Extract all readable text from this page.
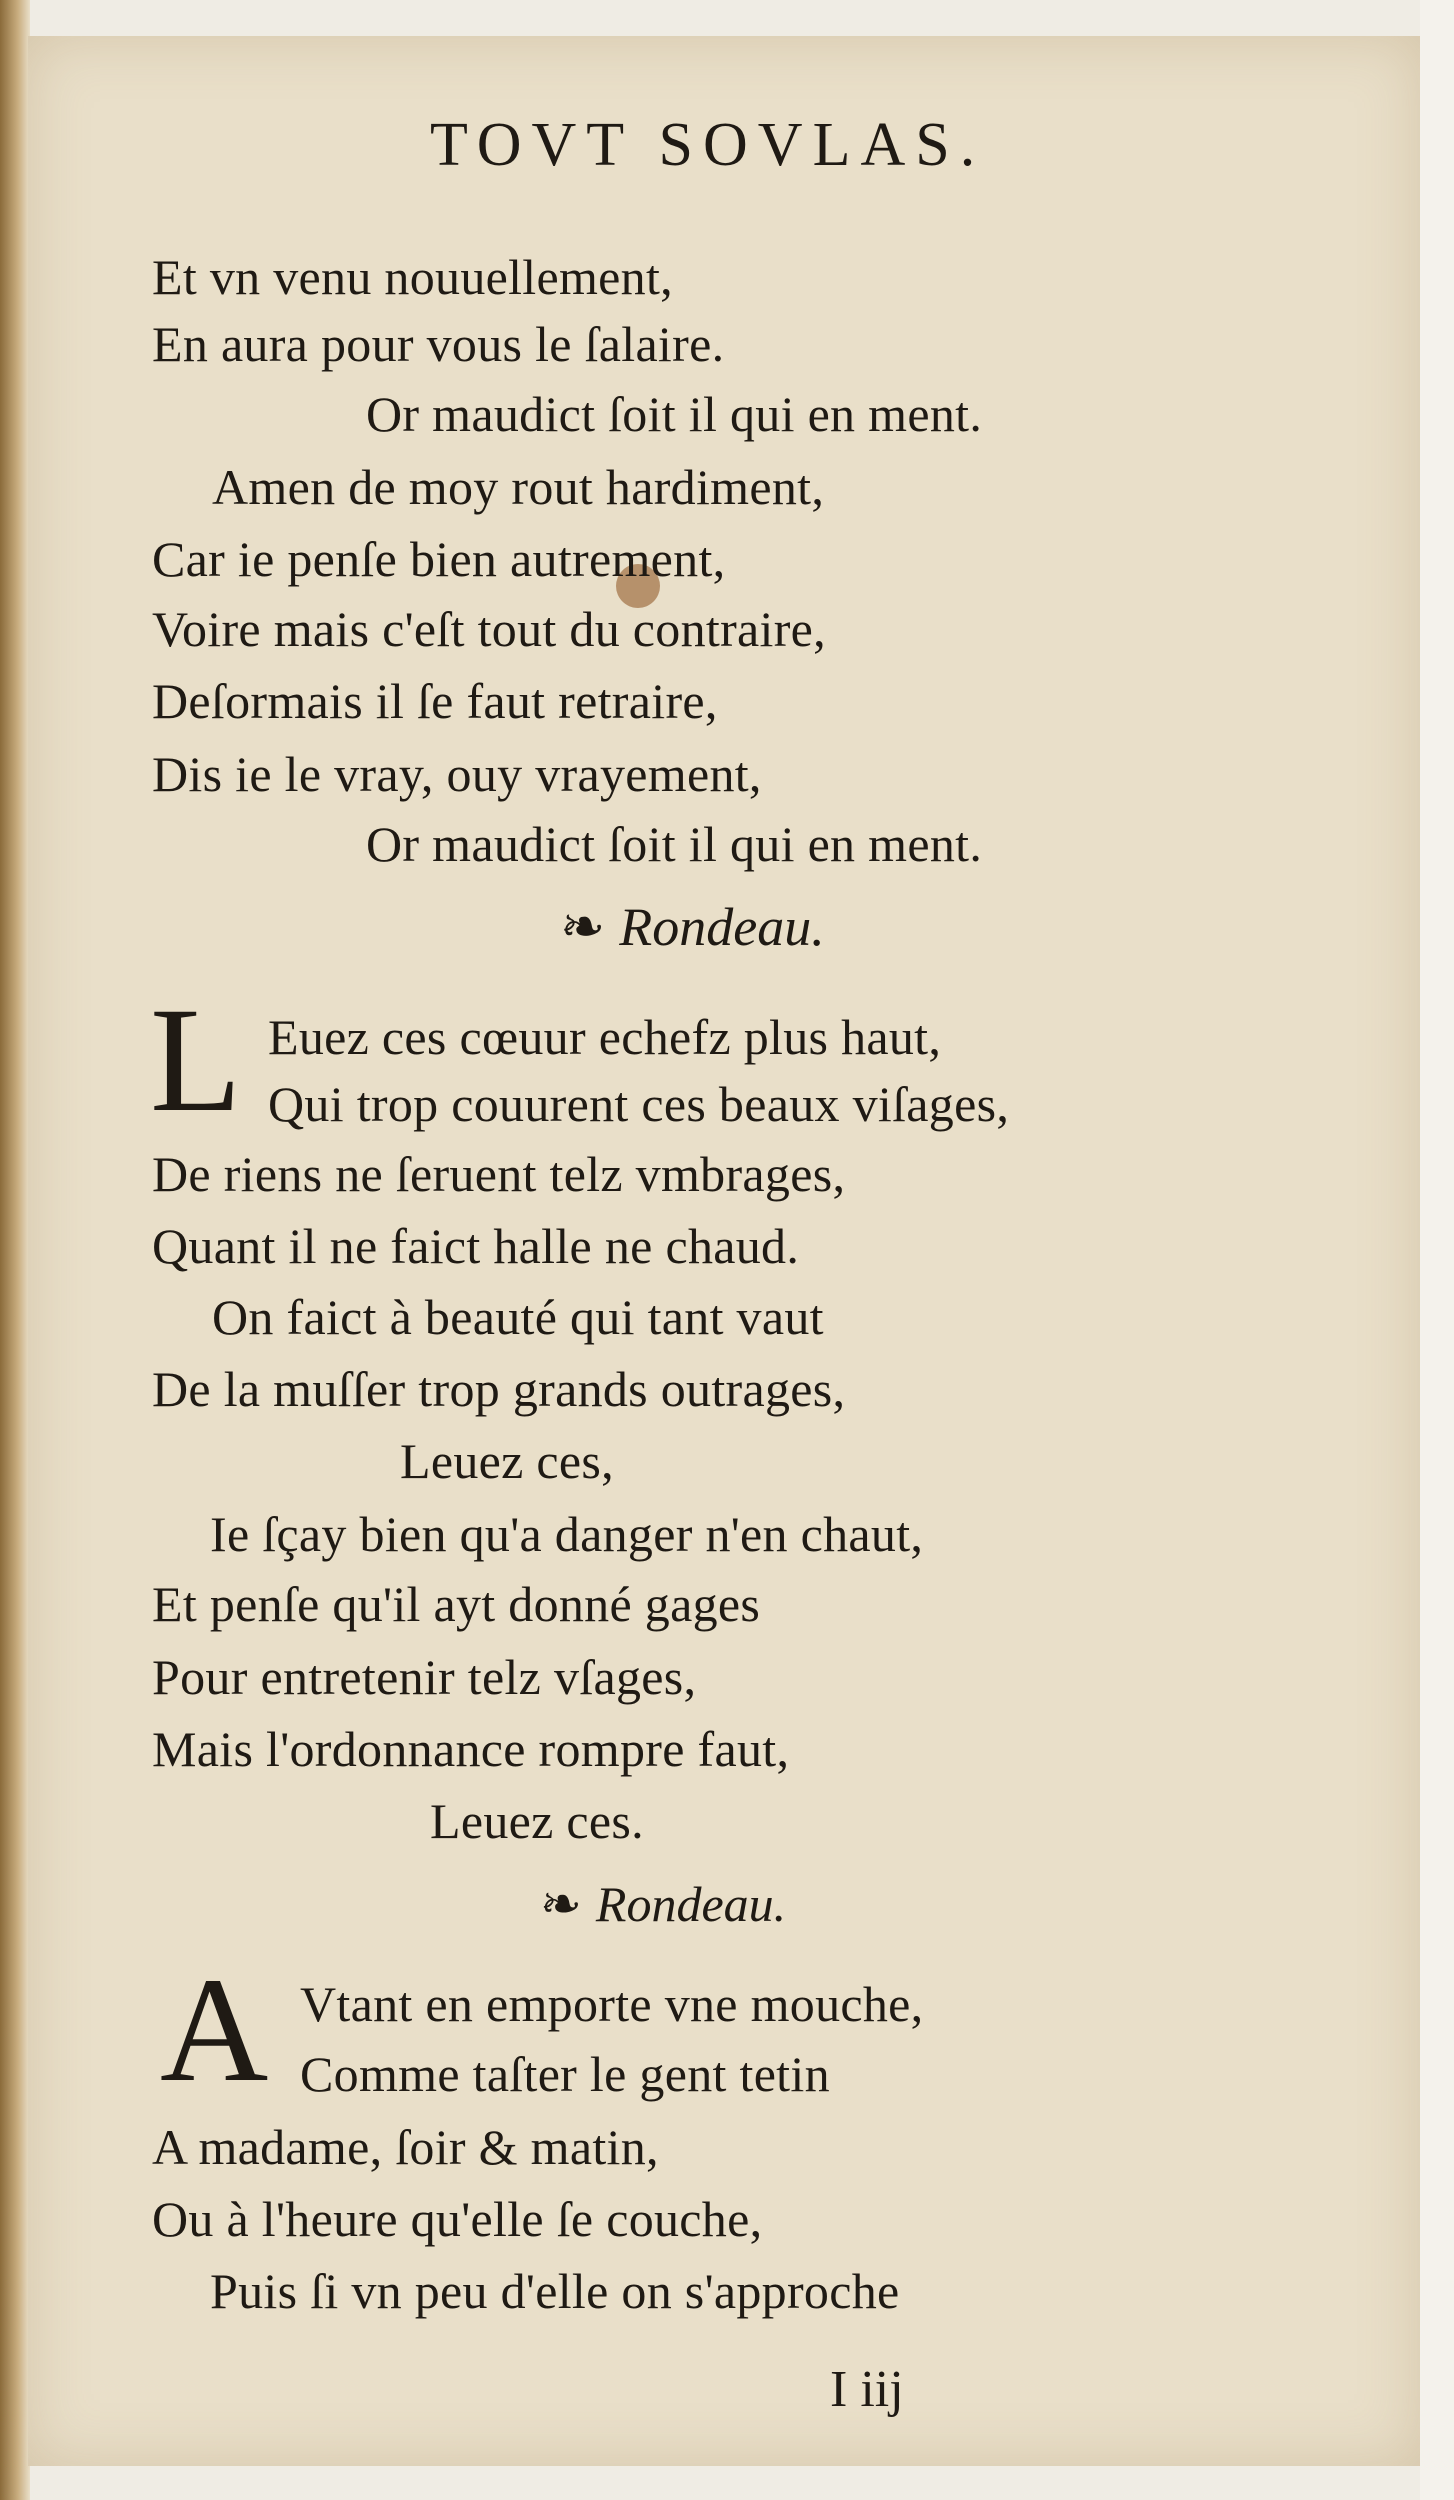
TOVT SOVLAS.
Et vn venu nouuellement,
En aura pour vous le ſalaire.
Or maudict ſoit il qui en ment.
Amen de moy rout hardiment,
Car ie penſe bien autrement,
Voire mais c'eſt tout du contraire,
Deſormais il ſe faut retraire,
Dis ie le vray, ouy vrayement,
Or maudict ſoit il qui en ment.
❧ Rondeau.
L Euez ces cœuur echefz plus haut,
Qui trop couurent ces beaux viſages,
De riens ne ſeruent telz vmbrages,
Quant il ne faict halle ne chaud.
On faict à beauté qui tant vaut
De la muſſer trop grands outrages,
Leuez ces,
Ie ſçay bien qu'a danger n'en chaut,
Et penſe qu'il ayt donné gages
Pour entretenir telz vſages,
Mais l'ordonnance rompre faut,
Leuez ces.
❧ Rondeau.
A Vtant en emporte vne mouche,
Comme taſter le gent tetin
A madame, ſoir & matin,
Ou à l'heure qu'elle ſe couche,
Puis ſi vn peu d'elle on s'approche
I iij
